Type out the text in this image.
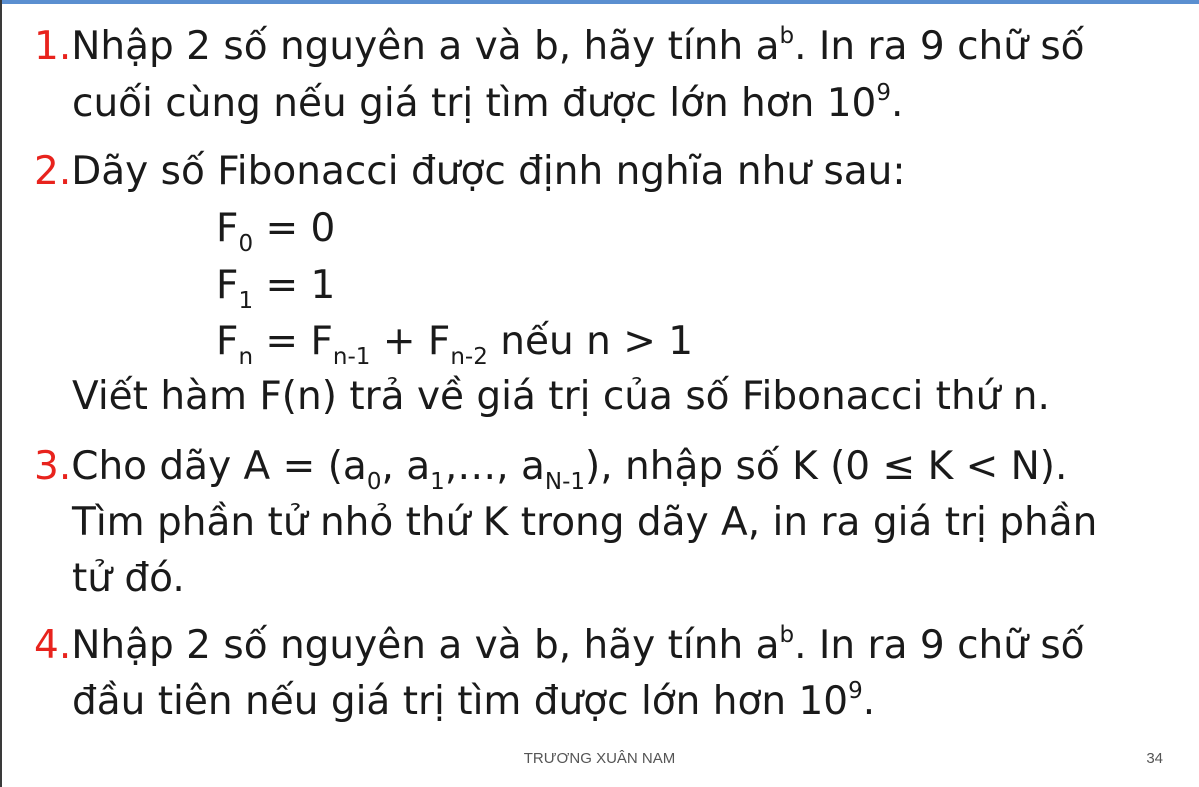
1.Nhập 2 số nguyên a và b, hãy tính $a^b$. In ra 9 chữ số
cuối cùng nếu giá trị tìm được lớn hơn $10^9$.
2.Dãy số Fibonacci được định nghĩa như sau:
$F_0 = 0$
$F_1 = 1$
$F_n = F_{n-1} + F_{n-2}$ nếu n > 1
Viết hàm F(n) trả về giá trị của số Fibonacci thứ n.
3.Cho dãy $A = (a_0$, $a_1,\dots$, $a_{N-1}$), nhập số K (0 ≤ K < N).
Tìm phần tử nhỏ thứ K trong dãy A, in ra giá trị phần
tử đó.
4.Nhập 2 số nguyên a và b, hãy tính $a^b$. In ra 9 chữ số
đầu tiên nếu giá trị tìm được lớn hơn $10^9$.
TRƯƠNG XUÂN NAM	34
